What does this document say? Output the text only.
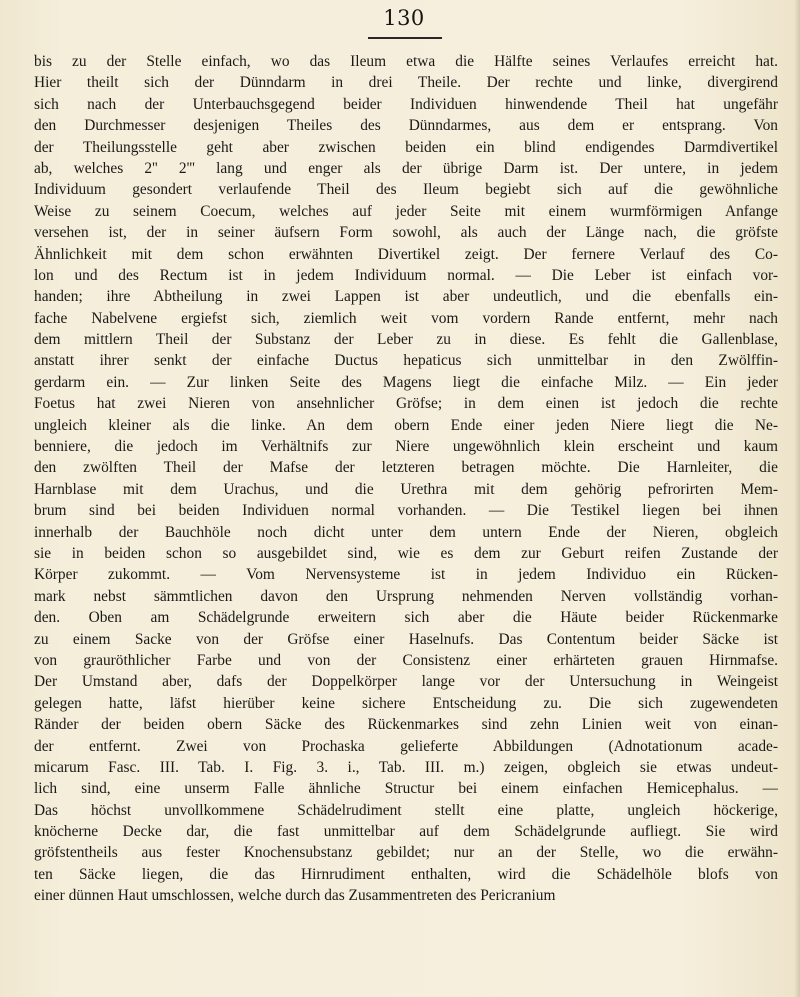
130
bis zu der Stelle einfach, wo das Ileum etwa die Hälfte seines Verlaufes erreicht hat.
Hier theilt sich der Dünndarm in drei Theile. Der rechte und linke, divergirend
sich nach der Unterbauchsgegend beider Individuen hinwendende Theil hat ungefähr
den Durchmesser desjenigen Theiles des Dünndarmes, aus dem er entsprang. Von
der Theilungsstelle geht aber zwischen beiden ein blind endigendes Darmdivertikel
ab, welches 2'' 2''' lang und enger als der übrige Darm ist. Der untere, in jedem
Individuum gesondert verlaufende Theil des Ileum begiebt sich auf die gewöhnliche
Weise zu seinem Coecum, welches auf jeder Seite mit einem wurmförmigen Anfange
versehen ist, der in seiner äufsern Form sowohl, als auch der Länge nach, die gröfste
Ähnlichkeit mit dem schon erwähnten Divertikel zeigt. Der fernere Verlauf des Co-
lon und des Rectum ist in jedem Individuum normal. — Die Leber ist einfach vor-
handen; ihre Abtheilung in zwei Lappen ist aber undeutlich, und die ebenfalls ein-
fache Nabelvene ergiefst sich, ziemlich weit vom vordern Rande entfernt, mehr nach
dem mittlern Theil der Substanz der Leber zu in diese. Es fehlt die Gallenblase,
anstatt ihrer senkt der einfache Ductus hepaticus sich unmittelbar in den Zwölffin-
gerdarm ein. — Zur linken Seite des Magens liegt die einfache Milz. — Ein jeder
Foetus hat zwei Nieren von ansehnlicher Gröfse; in dem einen ist jedoch die rechte
ungleich kleiner als die linke. An dem obern Ende einer jeden Niere liegt die Ne-
benniere, die jedoch im Verhältnifs zur Niere ungewöhnlich klein erscheint und kaum
den zwölften Theil der Mafse der letzteren betragen möchte. Die Harnleiter, die
Harnblase mit dem Urachus, und die Urethra mit dem gehörig pefrorirten Mem-
brum sind bei beiden Individuen normal vorhanden. — Die Testikel liegen bei ihnen
innerhalb der Bauchhöle noch dicht unter dem untern Ende der Nieren, obgleich
sie in beiden schon so ausgebildet sind, wie es dem zur Geburt reifen Zustande der
Körper zukommt. — Vom Nervensysteme ist in jedem Individuo ein Rücken-
mark nebst sämmtlichen davon den Ursprung nehmenden Nerven vollständig vorhan-
den. Oben am Schädelgrunde erweitern sich aber die Häute beider Rückenmarke
zu einem Sacke von der Gröfse einer Haselnufs. Das Contentum beider Säcke ist
von grauröthlicher Farbe und von der Consistenz einer erhärteten grauen Hirnmafse.
Der Umstand aber, dafs der Doppelkörper lange vor der Untersuchung in Weingeist
gelegen hatte, läfst hierüber keine sichere Entscheidung zu. Die sich zugewendeten
Ränder der beiden obern Säcke des Rückenmarkes sind zehn Linien weit von einan-
der entfernt. Zwei von Prochaska gelieferte Abbildungen (Adnotationum acade-
micarum Fasc. III. Tab. I. Fig. 3. i., Tab. III. m.) zeigen, obgleich sie etwas undeut-
lich sind, eine unserm Falle ähnliche Structur bei einem einfachen Hemicephalus. —
Das höchst unvollkommene Schädelrudiment stellt eine platte, ungleich höckerige,
knöcherne Decke dar, die fast unmittelbar auf dem Schädelgrunde aufliegt. Sie wird
gröfstentheils aus fester Knochensubstanz gebildet; nur an der Stelle, wo die erwähn-
ten Säcke liegen, die das Hirnrudiment enthalten, wird die Schädelhöle blofs von
einer dünnen Haut umschlossen, welche durch das Zusammentreten des Pericranium
